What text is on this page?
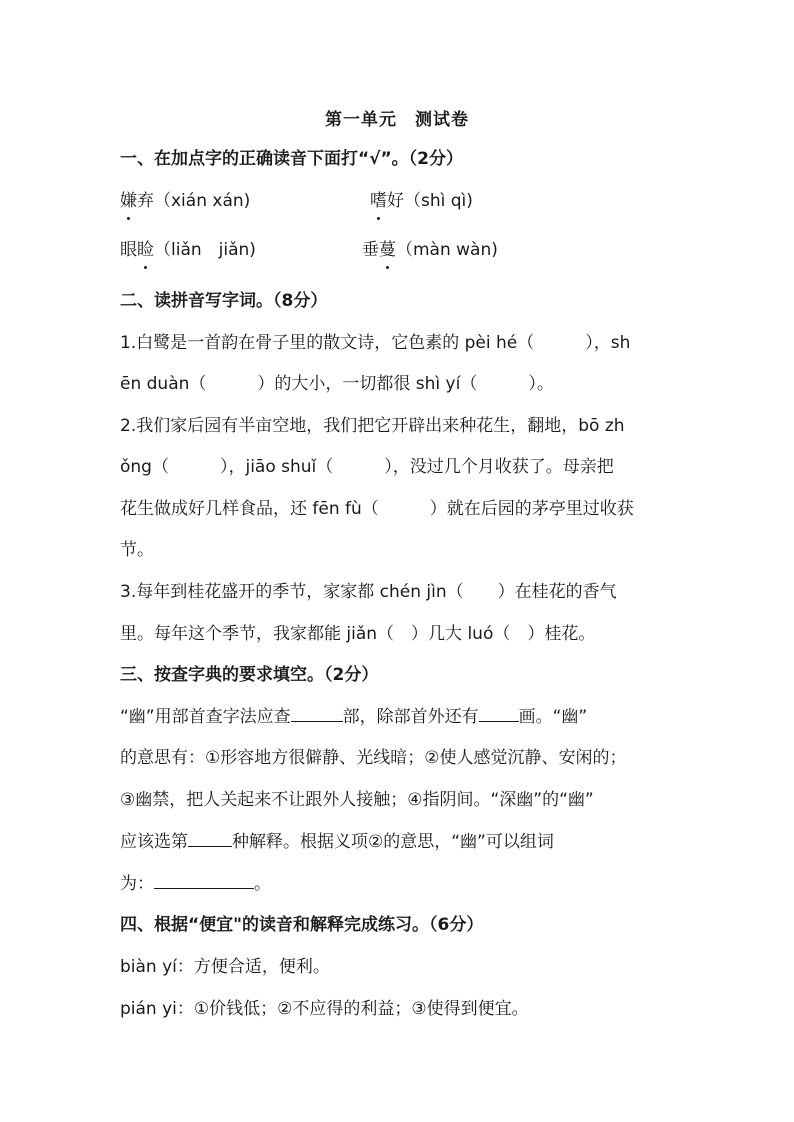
第一单元　测试卷
一、在加点字的正确读音下面打“√”。（2分）
嫌弃（xián xán)	嗜好（shì qì)
眼睑（liǎn　jiǎn)	垂蔓（màn wàn)
二、读拼音写字词。（8分）
1.白鹭是一首韵在骨子里的散文诗，它色素的 pèi hé（　　　），sh
ēn duàn（　　　）的大小，一切都很 shì yí（　　　）。
2.我们家后园有半亩空地，我们把它开辟出来种花生，翻地，bō zh
ǒng（　　　），jiāo shuǐ（　　　），没过几个月收获了。母亲把
花生做成好几样食品，还 fēn fù（　　　）就在后园的茅亭里过收获
节。
3.每年到桂花盛开的季节，家家都 chén jìn（　　）在桂花的香气
里。每年这个季节，我家都能 jiǎn（　）几大 luó（　）桂花。
三、按查字典的要求填空。（2分）
“幽”用部首查字法应查	部，除部首外还有 画。“幽”
的意思有：①形容地方很僻静、光线暗；②使人感觉沉静、安闲的；
③幽禁，把人关起来不让跟外人接触；④指阴间。“深幽”的“幽”
应该选第	种解释。根据义项②的意思，“幽”可以组词
为：	。
四、根据“便宜"的读音和解释完成练习。（6分）
biàn yí：方便合适，便利。
pián yi：①价钱低；②不应得的利益；③使得到便宜。
